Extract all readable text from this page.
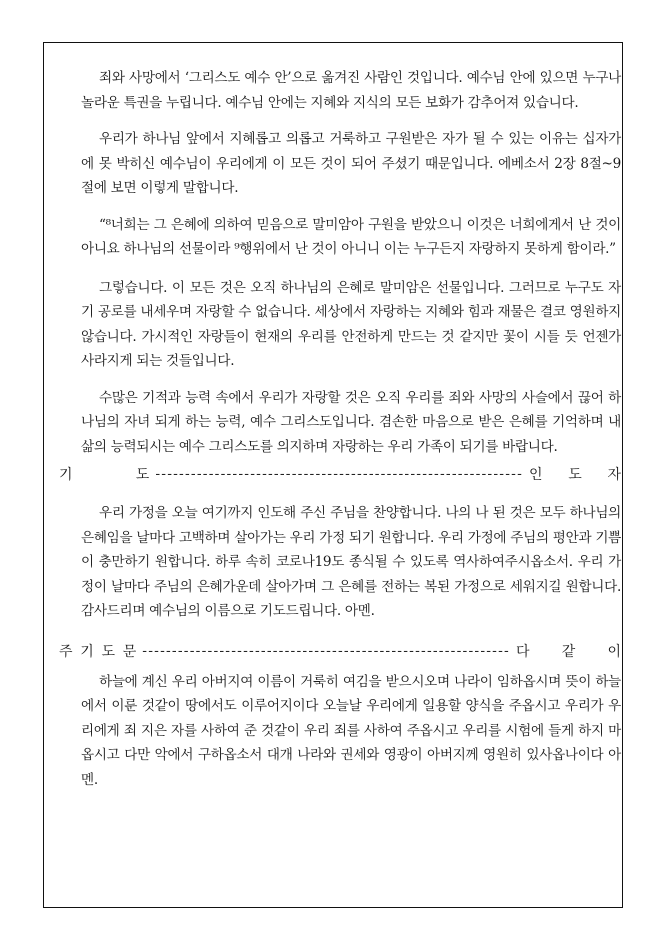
죄와 사망에서 ‘그리스도 예수 안’으로 옮겨진 사람인 것입니다. 예수님 안에 있으면 누구나 놀라운 특권을 누립니다. 예수님 안에는 지혜와 지식의 모든 보화가 감추어져 있습니다.

우리가 하나님 앞에서 지혜롭고 의롭고 거룩하고 구원받은 자가 될 수 있는 이유는 십자가에 못 박히신 예수님이 우리에게 이 모든 것이 되어 주셨기 때문입니다. 에베소서 2장 8절~9절에 보면 이렇게 말합니다.

“⁸너희는 그 은혜에 의하여 믿음으로 말미암아 구원을 받았으니 이것은 너희에게서 난 것이 아니요 하나님의 선물이라 ⁹행위에서 난 것이 아니니 이는 누구든지 자랑하지 못하게 함이라.”

그렇습니다. 이 모든 것은 오직 하나님의 은혜로 말미암은 선물입니다. 그러므로 누구도 자기 공로를 내세우며 자랑할 수 없습니다. 세상에서 자랑하는 지혜와 힘과 재물은 결코 영원하지 않습니다. 가시적인 자랑들이 현재의 우리를 안전하게 만드는 것 같지만 꽃이 시들 듯 언젠가 사라지게 되는 것들입니다.

수많은 기적과 능력 속에서 우리가 자랑할 것은 오직 우리를 죄와 사망의 사슬에서 끊어 하나님의 자녀 되게 하는 능력, 예수 그리스도입니다. 겸손한 마음으로 받은 은혜를 기억하며 내 삶의 능력되시는 예수 그리스도를 의지하며 자랑하는 우리 가족이 되기를 바랍니다.

기	도 -------------------------------------------------------------- 인 도 자

우리 가정을 오늘 여기까지 인도해 주신 주님을 찬양합니다. 나의 나 된 것은 모두 하나님의 은혜임을 날마다 고백하며 살아가는 우리 가정 되기 원합니다. 우리 가정에 주님의 평안과 기쁨이 충만하기 원합니다. 하루 속히 코로나19도 종식될 수 있도록 역사하여주시옵소서. 우리 가정이 날마다 주님의 은혜가운데 살아가며 그 은혜를 전하는 복된 가정으로 세워지길 원합니다. 감사드리며 예수님의 이름으로 기도드립니다. 아멘.

주 기 도 문 -------------------------------------------------------------- 다 같 이

하늘에 계신 우리 아버지여 이름이 거룩히 여김을 받으시오며 나라이 임하옵시며 뜻이 하늘에서 이룬 것같이 땅에서도 이루어지이다 오늘날 우리에게 일용할 양식을 주옵시고 우리가 우리에게 죄 지은 자를 사하여 준 것같이 우리 죄를 사하여 주옵시고 우리를 시험에 들게 하지 마옵시고 다만 악에서 구하옵소서 대개 나라와 권세와 영광이 아버지께 영원히 있사옵나이다 아멘.
